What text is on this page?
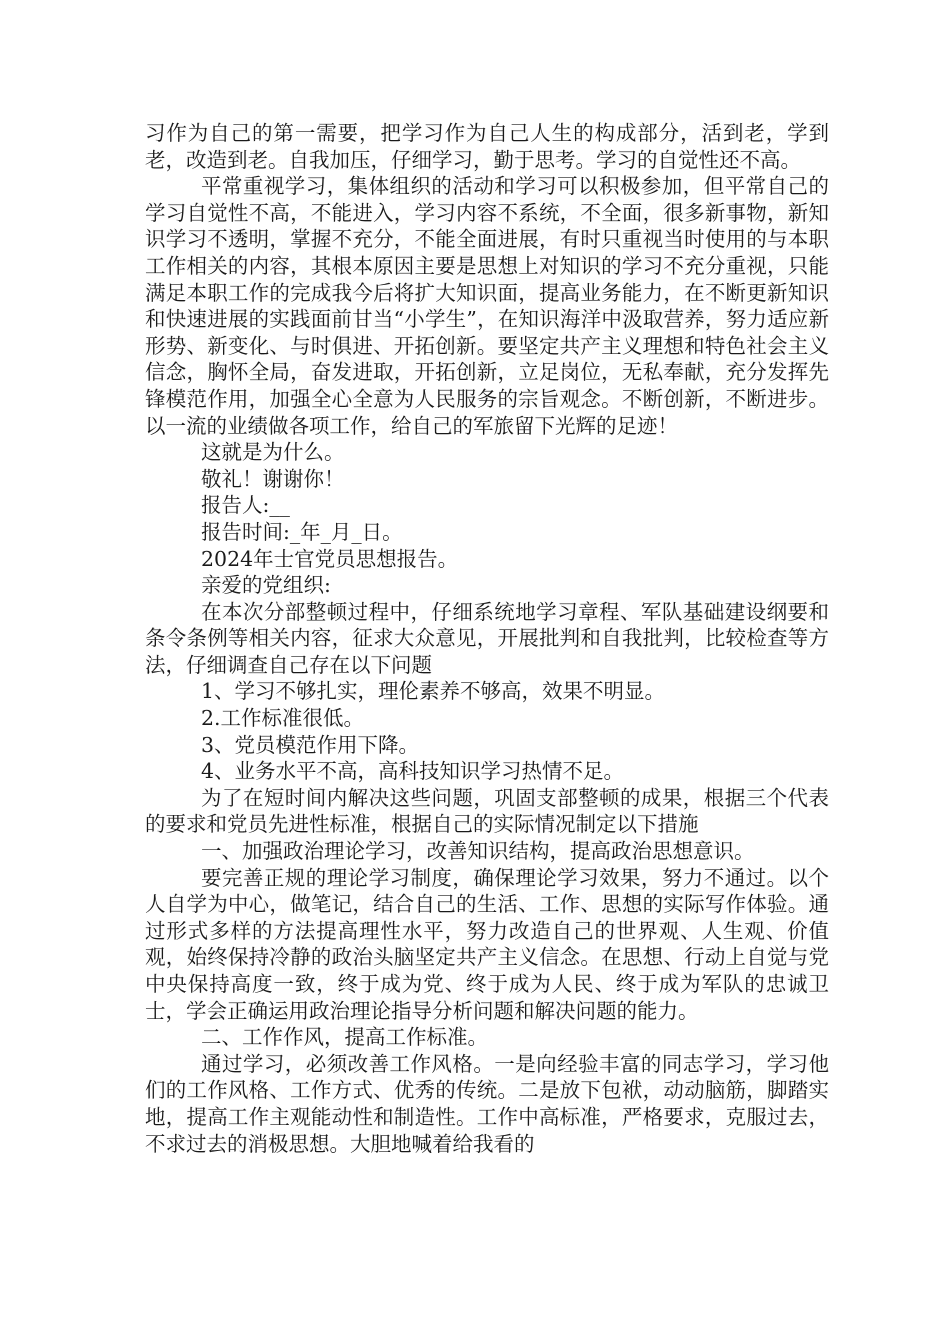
习作为自己的第一需要，把学习作为自己人生的构成部分，活到老，学到老，改造到老。自我加压，仔细学习，勤于思考。学习的自觉性还不高。

平常重视学习，集体组织的活动和学习可以积极参加，但平常自己的学习自觉性不高，不能进入，学习内容不系统，不全面，很多新事物，新知识学习不透明，掌握不充分，不能全面进展，有时只重视当时使用的与本职工作相关的内容，其根本原因主要是思想上对知识的学习不充分重视，只能满足本职工作的完成我今后将扩大知识面，提高业务能力，在不断更新知识和快速进展的实践面前甘当“小学生”，在知识海洋中汲取营养，努力适应新形势、新变化、与时俱进、开拓创新。要坚定共产主义理想和特色社会主义信念，胸怀全局，奋发进取，开拓创新，立足岗位，无私奉献，充分发挥先锋模范作用，加强全心全意为人民服务的宗旨观念。不断创新，不断进步。以一流的业绩做各项工作，给自己的军旅留下光辉的足迹！

这就是为什么。

敬礼！谢谢你！

报告人:__

报告时间:_年_月_日。

2024年士官党员思想报告。

亲爱的党组织:

在本次分部整顿过程中，仔细系统地学习章程、军队基础建设纲要和条令条例等相关内容，征求大众意见，开展批判和自我批判，比较检查等方法，仔细调查自己存在以下问题

1、学习不够扎实，理伦素养不够高，效果不明显。

2.工作标准很低。

3、党员模范作用下降。

4、业务水平不高，高科技知识学习热情不足。

为了在短时间内解决这些问题，巩固支部整顿的成果，根据三个代表的要求和党员先进性标准，根据自己的实际情况制定以下措施

一、加强政治理论学习，改善知识结构，提高政治思想意识。

要完善正规的理论学习制度，确保理论学习效果，努力不通过。以个人自学为中心，做笔记，结合自己的生活、工作、思想的实际写作体验。通过形式多样的方法提高理性水平，努力改造自己的世界观、人生观、价值观，始终保持冷静的政治头脑坚定共产主义信念。在思想、行动上自觉与党中央保持高度一致，终于成为党、终于成为人民、终于成为军队的忠诚卫士，学会正确运用政治理论指导分析问题和解决问题的能力。

二、工作作风，提高工作标准。

通过学习，必须改善工作风格。一是向经验丰富的同志学习，学习他们的工作风格、工作方式、优秀的传统。二是放下包袱，动动脑筋，脚踏实地，提高工作主观能动性和制造性。工作中高标准，严格要求，克服过去，不求过去的消极思想。大胆地喊着给我看的
